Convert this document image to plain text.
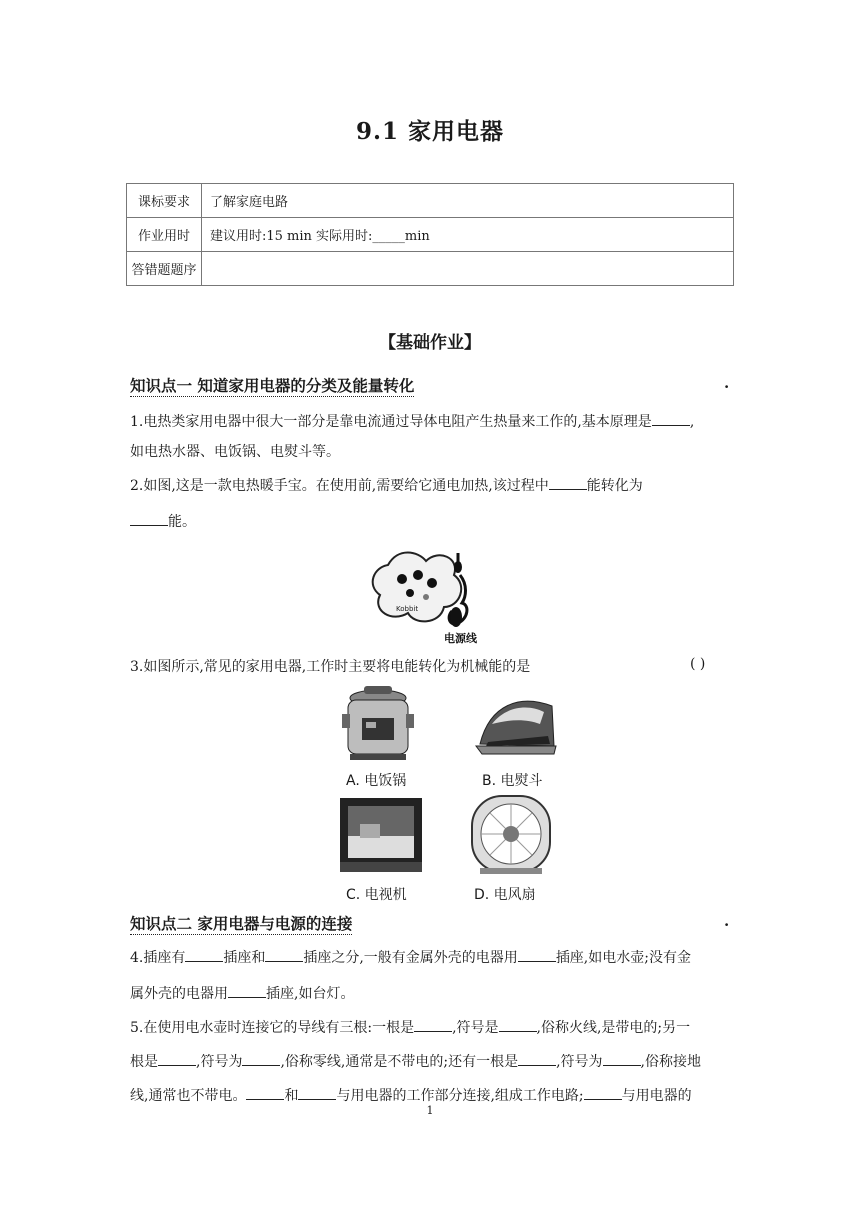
9.1 家用电器
课标要求	了解家庭电路
作业用时	建议用时:15 min 实际用时:_____min
答错题题序	
【基础作业】
知识点一 知道家用电器的分类及能量转化	.
1.电热类家用电器中很大一部分是靠电流通过导体电阻产生热量来工作的,基本原理是	,
如电热水器、电饭锅、电熨斗等。
2.如图,这是一款电热暖手宝。在使用前,需要给它通电加热,该过程中	能转化为
能。
Kobbit
电源线
3.如图所示,常见的家用电器,工作时主要将电能转化为机械能的是	( )
A. 电饭锅	B. 电熨斗
C. 电视机	D. 电风扇
知识点二 家用电器与电源的连接	.
4.插座有	插座和	插座之分,一般有金属外壳的电器用	插座,如电水壶;没有金
属外壳的电器用	插座,如台灯。
5.在使用电水壶时连接它的导线有三根:一根是	,符号是	,俗称火线,是带电的;另一
根是	,符号为	,俗称零线,通常是不带电的;还有一根是	,符号为	,俗称接地
线,通常也不带电。	和	与用电器的工作部分连接,组成工作电路;	与用电器的
1
